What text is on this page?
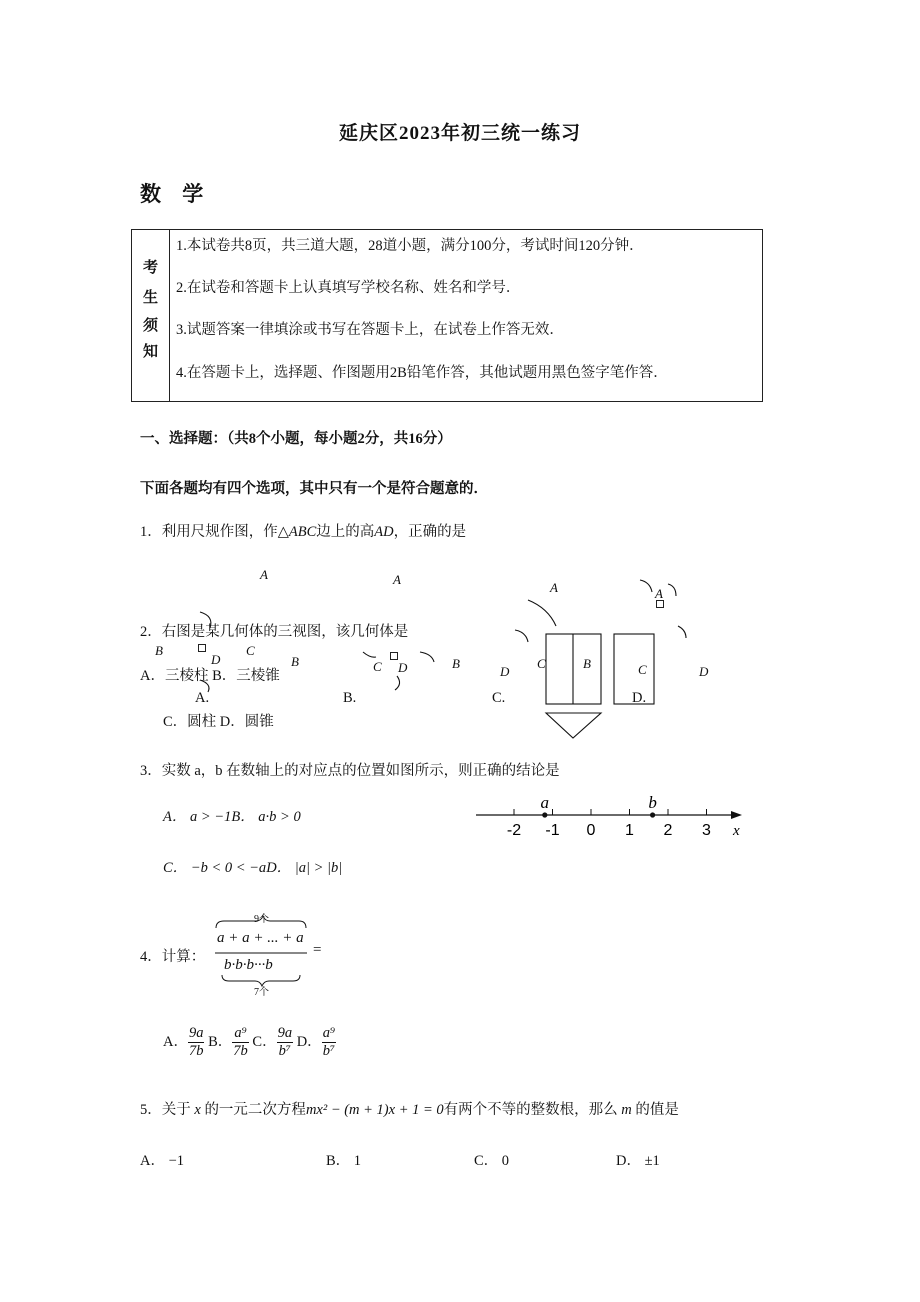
延庆区2023年初三统一练习
数 学
考
生
须
知
1.本试卷共8页，共三道大题，28道小题，满分100分，考试时间120分钟．
2.在试卷和答题卡上认真填写学校名称、姓名和学号．
3.试题答案一律填涂或书写在答题卡上，在试卷上作答无效．
4.在答题卡上，选择题、作图题用2B铅笔作答，其他试题用黑色签字笔作答．
一、选择题：（共8个小题，每小题2分，共16分）
下面各题均有四个选项，其中只有一个是符合题意的．
1．利用尺规作图，作△ABC边上的高AD，正确的是
A	A
A	A
B
D
C
B	C D	B
D
C	B	C	D
2．右图是某几何体的三视图，该几何体是
A．三棱柱 B．三棱锥
A.	B.	C.	D.
C．圆柱 D．圆锥
3．实数 a，b 在数轴上的对应点的位置如图所示，则正确的结论是
A． a > −1B． a·b > 0
C． −b < 0 < −aD． |a| > |b|
x
-2 -1 0 1 2 3
a	b
4．计算：
9个
a + a + ... + a
b·b·b···b
=
7个
A． $\frac{9a}{7b}$ B． $\frac{\text{a⁹}}{7b}$ C． $\frac{9a}{\text{b⁷}}$ D． $\frac{\text{a⁹}}{\text{b⁷}}$
5．关于 x 的一元二次方程mx² − (m + 1)x + 1 = 0有两个不等的整数根，那么 m 的值是
A． −1	B． 1	C． 0	D． ±1
